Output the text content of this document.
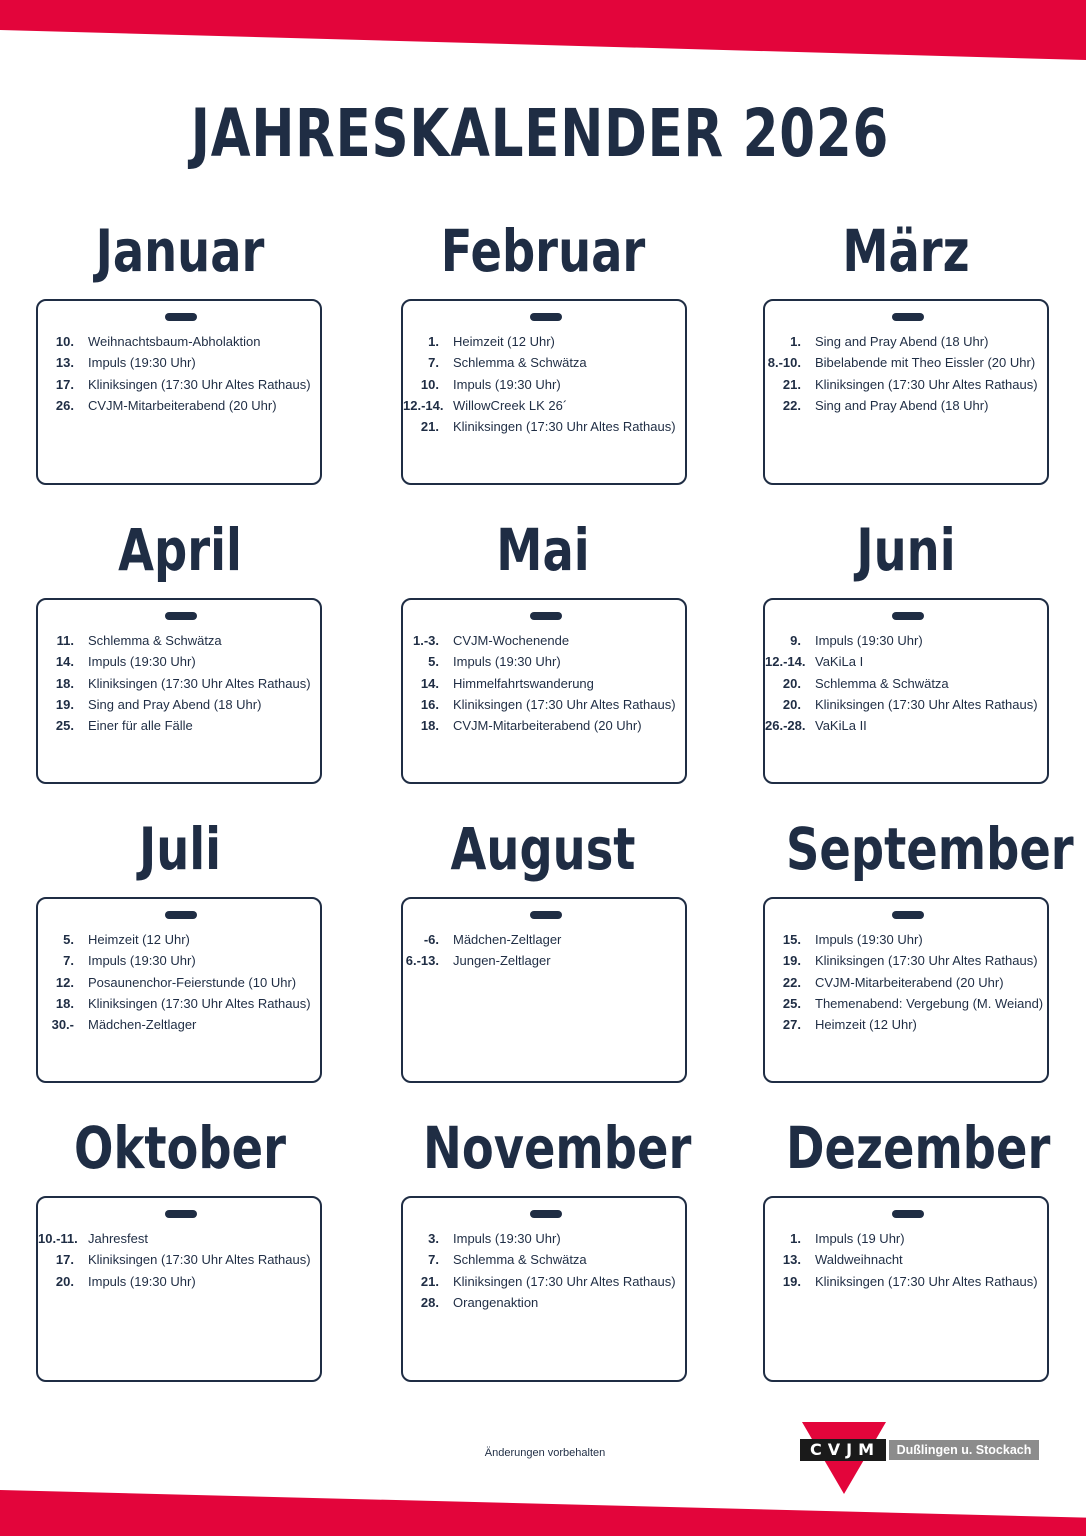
JAHRESKALENDER 2026
Januar
10.	Weihnachtsbaum-Abholaktion
13.	Impuls (19:30 Uhr)
17.	Kliniksingen (17:30 Uhr Altes Rathaus)
26.	CVJM-Mitarbeiterabend (20 Uhr)
Februar
1.	Heimzeit (12 Uhr)
7.	Schlemma & Schwätza
10.	Impuls (19:30 Uhr)
12.-14. WillowCreek LK 26´
21.	Kliniksingen (17:30 Uhr Altes Rathaus)
März
1.	Sing and Pray Abend (18 Uhr)
8.-10.	Bibelabende mit Theo Eissler (20 Uhr)
21.	Kliniksingen (17:30 Uhr Altes Rathaus)
22.	Sing and Pray Abend (18 Uhr)
April
11.	Schlemma & Schwätza
14.	Impuls (19:30 Uhr)
18.	Kliniksingen (17:30 Uhr Altes Rathaus)
19.	Sing and Pray Abend (18 Uhr)
25.	Einer für alle Fälle
Mai
1.-3.	CVJM-Wochenende
5.	Impuls (19:30 Uhr)
14.	Himmelfahrtswanderung
16.	Kliniksingen (17:30 Uhr Altes Rathaus)
18.	CVJM-Mitarbeiterabend (20 Uhr)
Juni
9.	Impuls (19:30 Uhr)
12.-14. VaKiLa I
20.	Schlemma & Schwätza
20.	Kliniksingen (17:30 Uhr Altes Rathaus)
26.-28. VaKiLa II
Juli
5.	Heimzeit (12 Uhr)
7.	Impuls (19:30 Uhr)
12.	Posaunenchor-Feierstunde (10 Uhr)
18.	Kliniksingen (17:30 Uhr Altes Rathaus)
30.-	Mädchen-Zeltlager
August
-6.	Mädchen-Zeltlager
6.-13.	Jungen-Zeltlager
September
15.	Impuls (19:30 Uhr)
19.	Kliniksingen (17:30 Uhr Altes Rathaus)
22.	CVJM-Mitarbeiterabend (20 Uhr)
25.	Themenabend: Vergebung (M. Weiand)
27.	Heimzeit (12 Uhr)
Oktober
10.-11. Jahresfest
17.	Kliniksingen (17:30 Uhr Altes Rathaus)
20.	Impuls (19:30 Uhr)
November
3.	Impuls (19:30 Uhr)
7.	Schlemma & Schwätza
21.	Kliniksingen (17:30 Uhr Altes Rathaus)
28.	Orangenaktion
Dezember
1.	Impuls (19 Uhr)
13.	Waldweihnacht
19.	Kliniksingen (17:30 Uhr Altes Rathaus)
Änderungen vorbehalten	CVJM	Dußlingen u. Stockach
